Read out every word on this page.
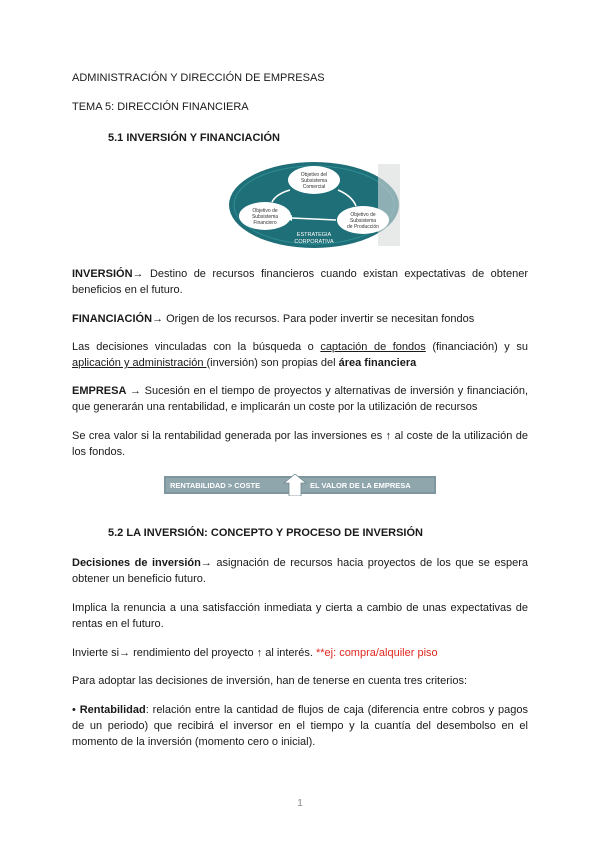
ADMINISTRACIÓN Y DIRECCIÓN DE EMPRESAS
TEMA 5: DIRECCIÓN FINANCIERA
5.1 INVERSIÓN Y FINANCIACIÓN
Objetivo del Subsistema Comercial
Objetivo de Subsistema Financiero
Objetivo de Subsistema de Producción
ESTRATEGIA CORPORATIVA
INVERSIÓN→ Destino de recursos financieros cuando existan expectativas de obtener beneficios en el futuro.
FINANCIACIÓN→ Origen de los recursos. Para poder invertir se necesitan fondos
Las decisiones vinculadas con la búsqueda o captación de fondos (financiación) y su aplicación y administración (inversión) son propias del área financiera
EMPRESA → Sucesión en el tiempo de proyectos y alternativas de inversión y financiación, que generarán una rentabilidad, e implicarán un coste por la utilización de recursos
Se crea valor si la rentabilidad generada por las inversiones es ↑ al coste de la utilización de los fondos.
RENTABILIDAD > COSTE	EL VALOR DE LA EMPRESA
5.2 LA INVERSIÓN: CONCEPTO Y PROCESO DE INVERSIÓN
Decisiones de inversión→ asignación de recursos hacia proyectos de los que se espera obtener un beneficio futuro.
Implica la renuncia a una satisfacción inmediata y cierta a cambio de unas expectativas de rentas en el futuro.
Invierte si→ rendimiento del proyecto ↑ al interés. **ej: compra/alquiler piso
Para adoptar las decisiones de inversión, han de tenerse en cuenta tres criterios:
• Rentabilidad: relación entre la cantidad de flujos de caja (diferencia entre cobros y pagos de un periodo) que recibirá el inversor en el tiempo y la cuantía del desembolso en el momento de la inversión (momento cero o inicial).
1
